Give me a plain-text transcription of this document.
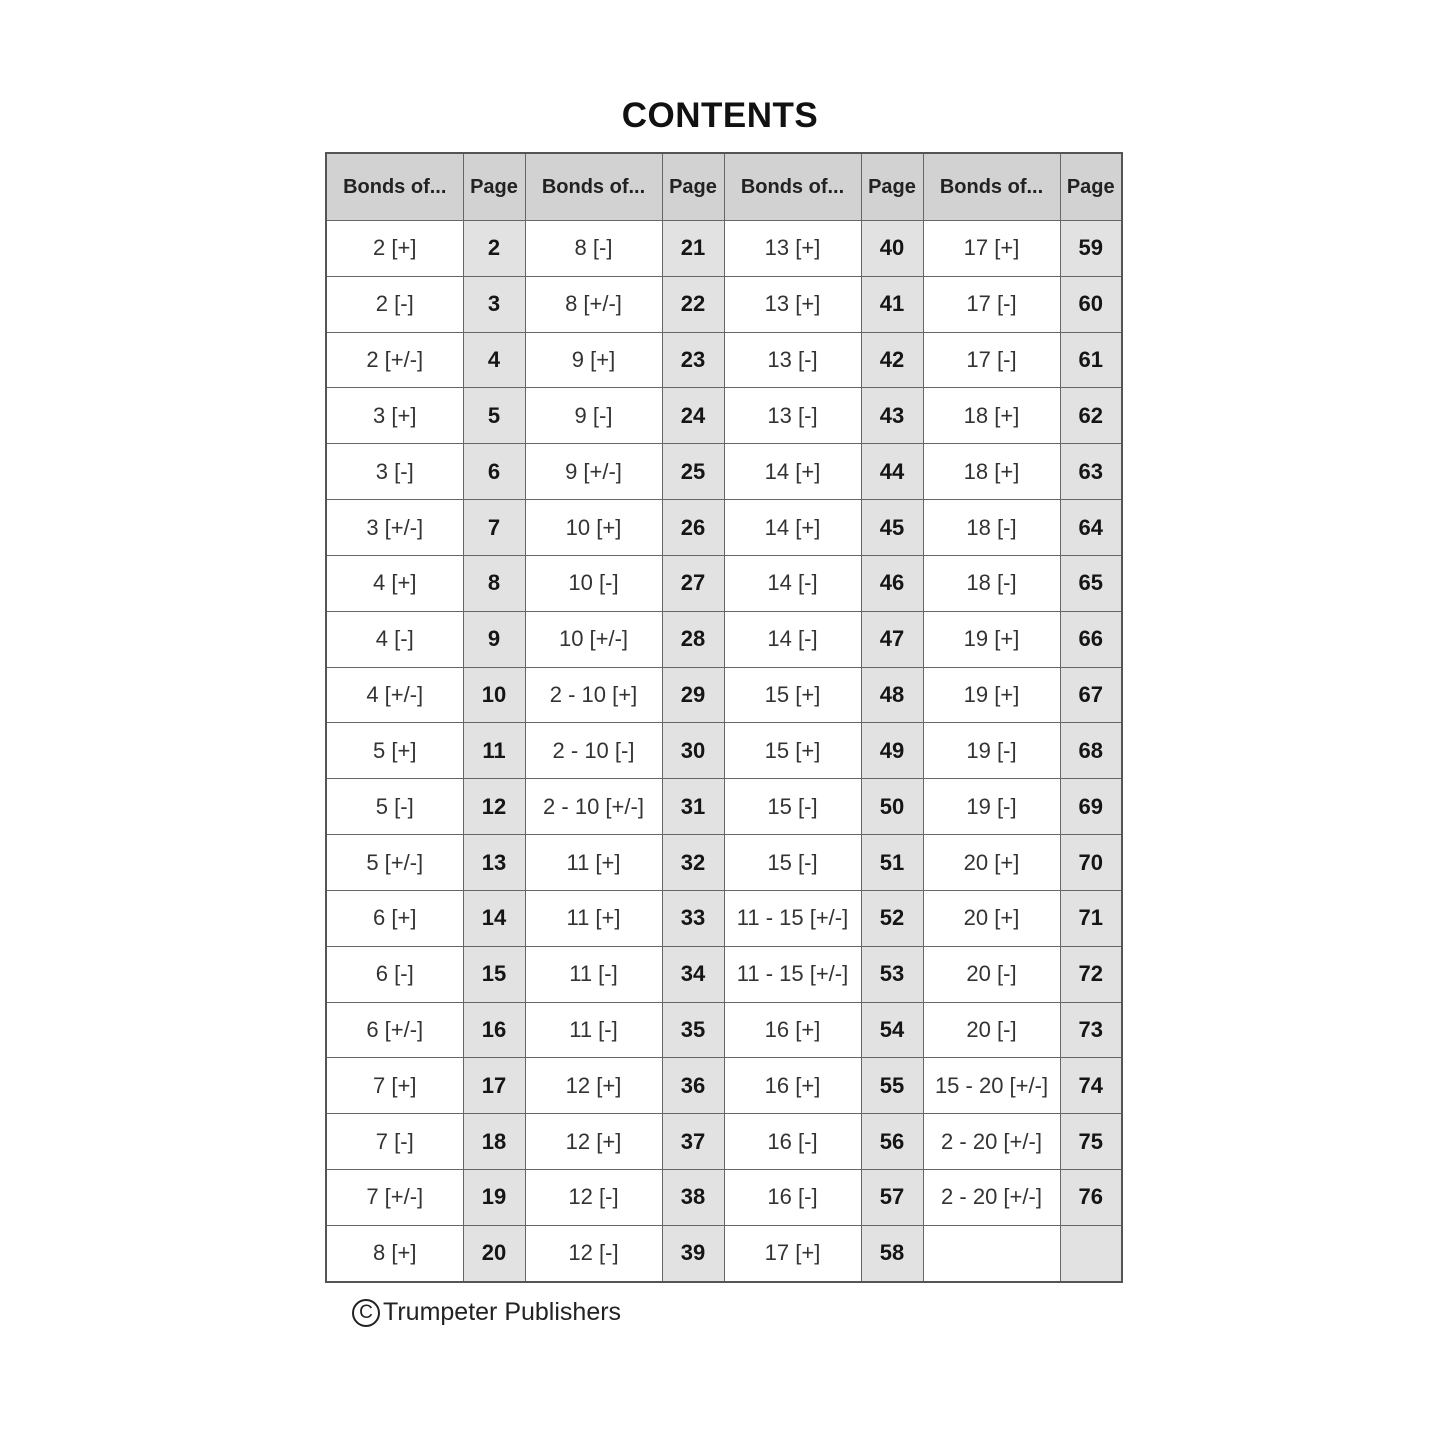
CONTENTS
Bonds of...	Page	Bonds of...	Page	Bonds of...	Page	Bonds of...	Page
2 [+]	2	8 [-]	21	13 [+]	40	17 [+]	59
2 [-]	3	8 [+/-]	22	13 [+]	41	17 [-]	60
2 [+/-]	4	9 [+]	23	13 [-]	42	17 [-]	61
3 [+]	5	9 [-]	24	13 [-]	43	18 [+]	62
3 [-]	6	9 [+/-]	25	14 [+]	44	18 [+]	63
3 [+/-]	7	10 [+]	26	14 [+]	45	18 [-]	64
4 [+]	8	10 [-]	27	14 [-]	46	18 [-]	65
4 [-]	9	10 [+/-]	28	14 [-]	47	19 [+]	66
4 [+/-]	10	2 - 10 [+]	29	15 [+]	48	19 [+]	67
5 [+]	11	2 - 10 [-]	30	15 [+]	49	19 [-]	68
5 [-]	12	2 - 10 [+/-]	31	15 [-]	50	19 [-]	69
5 [+/-]	13	11 [+]	32	15 [-]	51	20 [+]	70
6 [+]	14	11 [+]	33	11 - 15 [+/-]	52	20 [+]	71
6 [-]	15	11 [-]	34	11 - 15 [+/-]	53	20 [-]	72
6 [+/-]	16	11 [-]	35	16 [+]	54	20 [-]	73
7 [+]	17	12 [+]	36	16 [+]	55	15 - 20 [+/-]	74
7 [-]	18	12 [+]	37	16 [-]	56	2 - 20 [+/-]	75
7 [+/-]	19	12 [-]	38	16 [-]	57	2 - 20 [+/-]	76
8 [+]	20	12 [-]	39	17 [+]	58		
C Trumpeter Publishers
